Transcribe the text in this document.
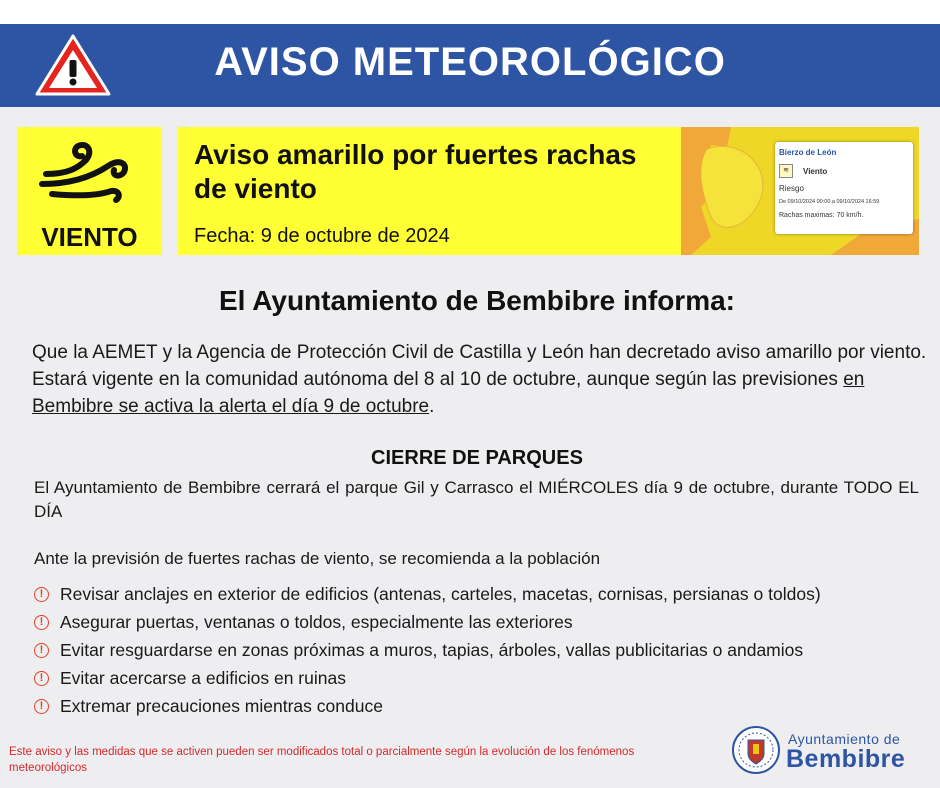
AVISO METEOROLÓGICO
VIENTO
Aviso amarillo por fuertes rachas de viento
Fecha: 9 de octubre de 2024
Bierzo de León
≋	Viento
Riesgo
De 09/10/2024 00:00 a 09/10/2024 16:59
Rachas maximas: 70 km/h.
El Ayuntamiento de Bembibre informa:
Que la AEMET y la Agencia de Protección Civil de Castilla y León han decretado aviso amarillo por viento. Estará vigente en la comunidad autónoma del 8 al 10 de octubre, aunque según las previsiones en Bembibre se activa la alerta el día 9 de octubre.
CIERRE DE PARQUES
El Ayuntamiento de Bembibre cerrará el parque Gil y Carrasco el MIÉRCOLES día 9 de octubre, durante TODO EL DÍA
Ante la previsión de fuertes rachas de viento, se recomienda a la población
! Revisar anclajes en exterior de edificios (antenas, carteles, macetas, cornisas, persianas o toldos)
! Asegurar puertas, ventanas o toldos, especialmente las exteriores
! Evitar resguardarse en zonas próximas a muros, tapias, árboles, vallas publicitarias o andamios
! Evitar acercarse a edificios en ruinas
! Extremar precauciones mientras conduce
Este aviso y las medidas que se activen pueden ser modificados total o parcialmente según la evolución de los fenómenos meteorológicos
Ayuntamiento de
Bembibre
